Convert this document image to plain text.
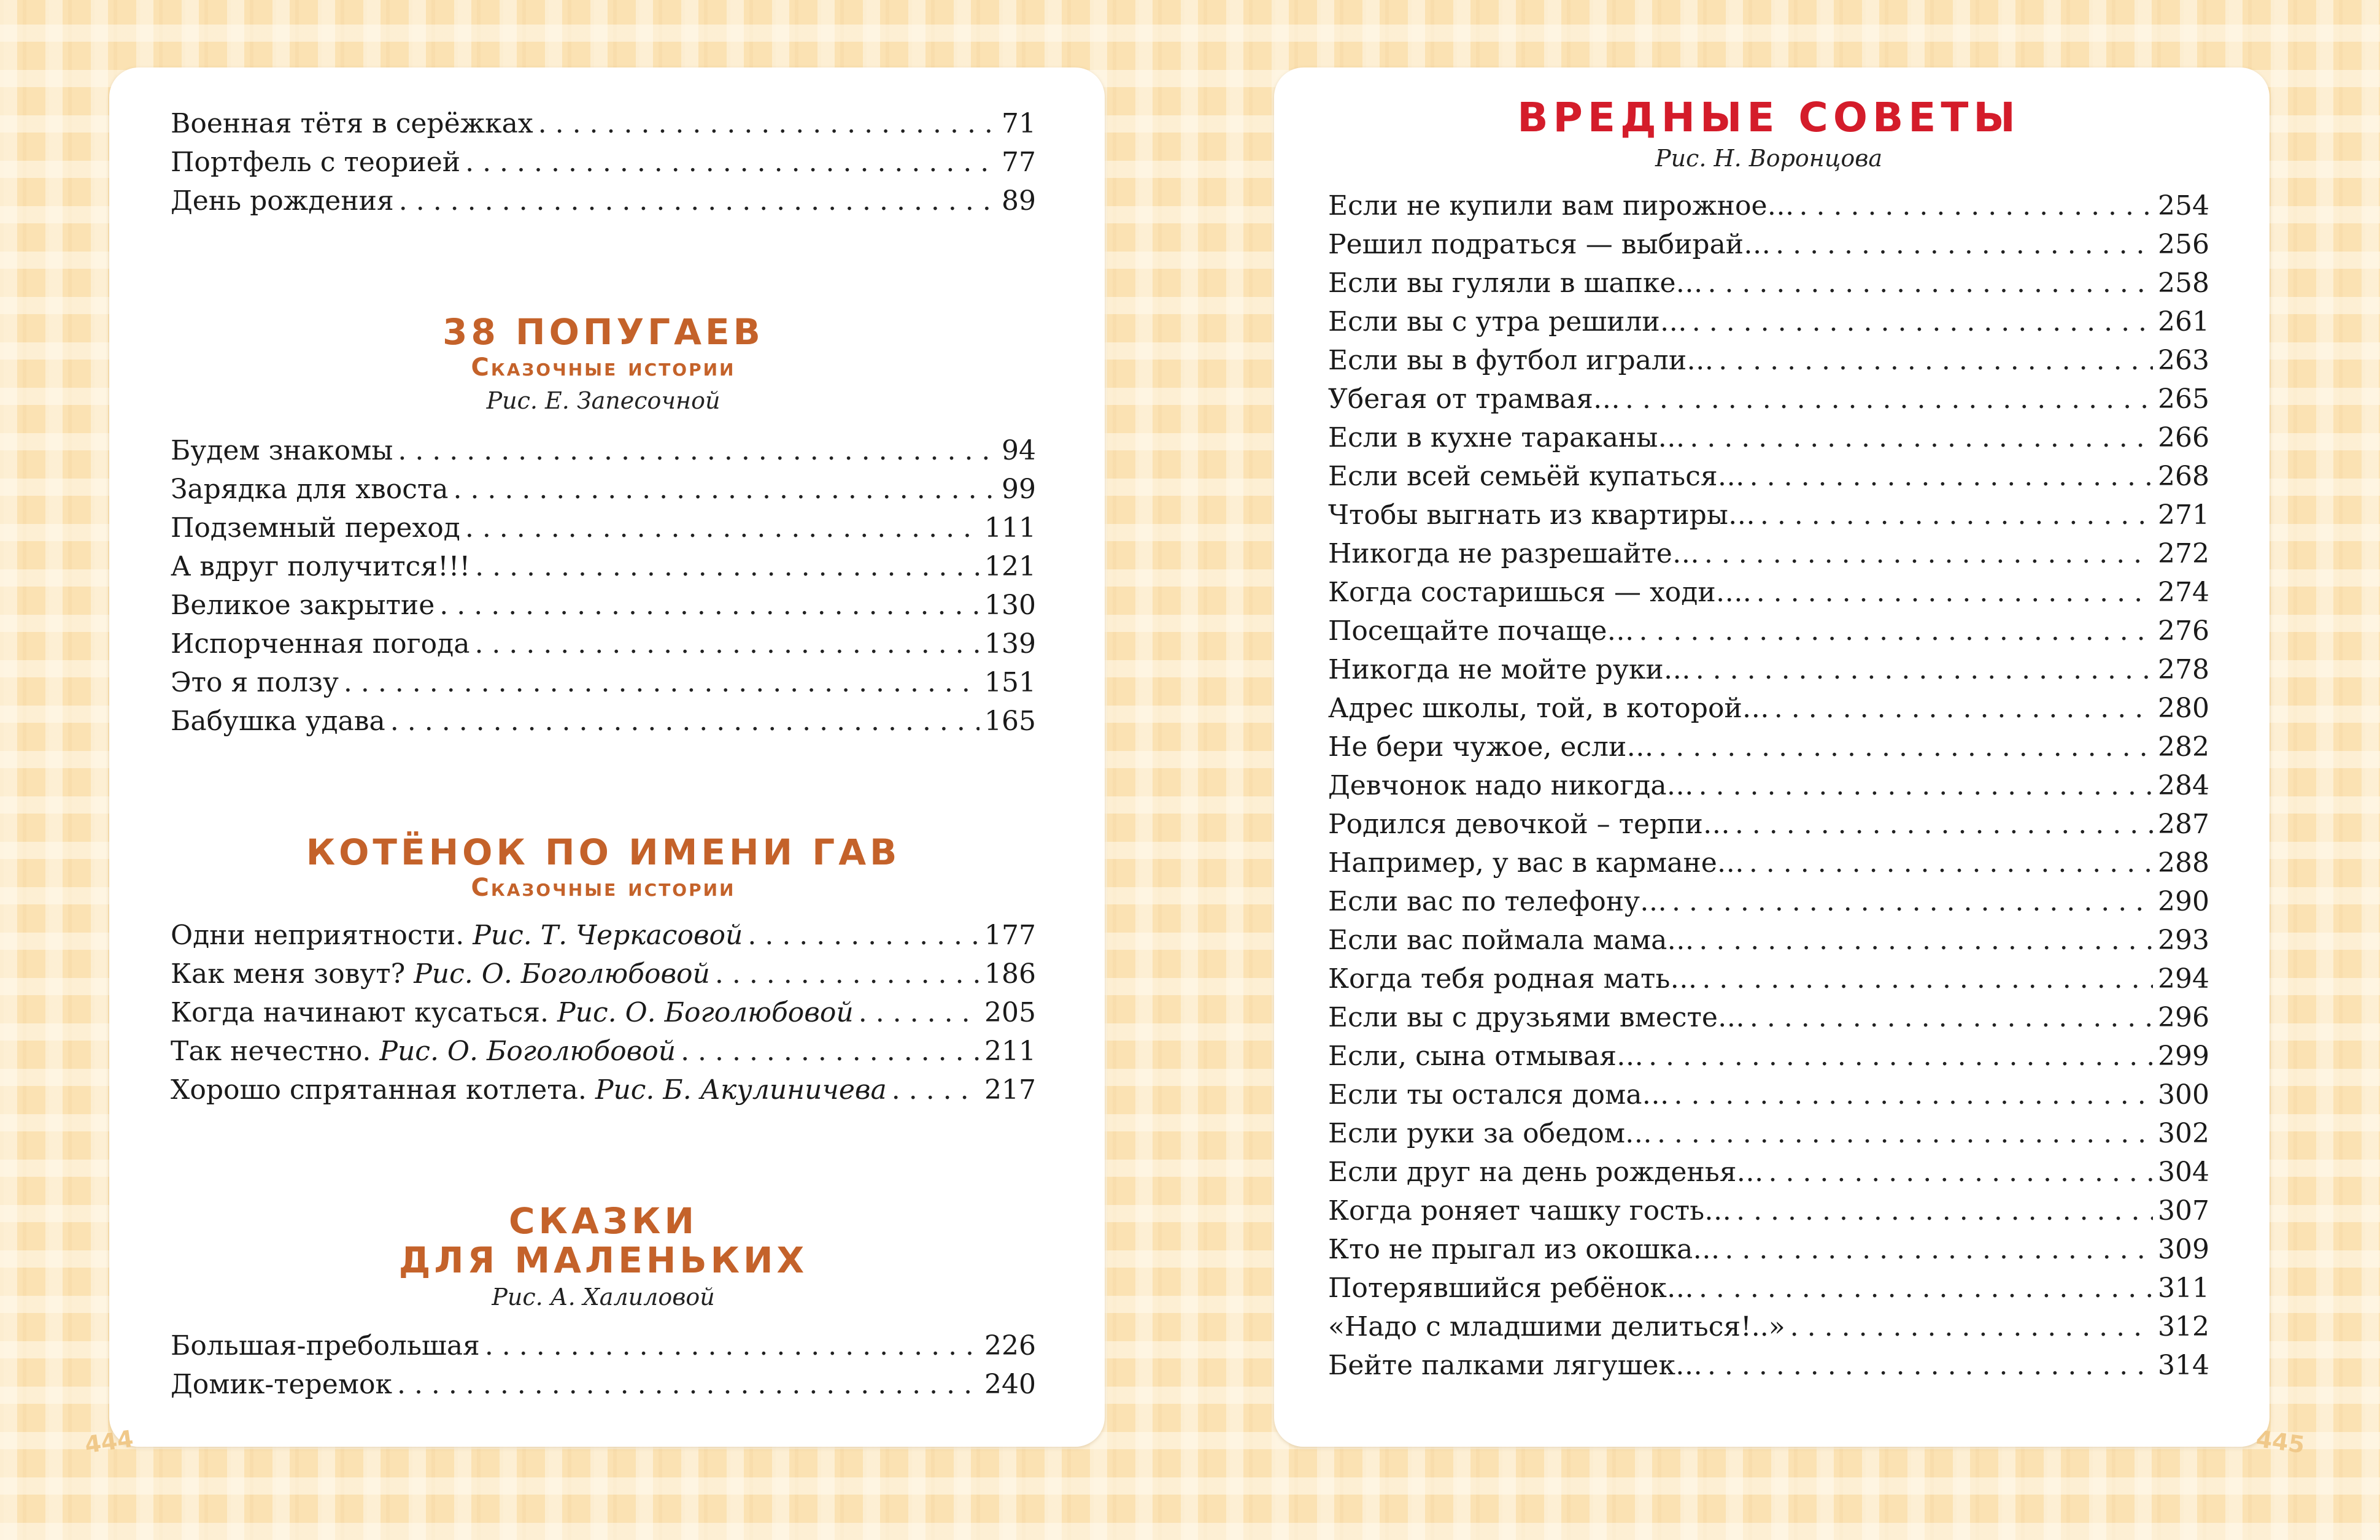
Военная тётя в серёжках . . .	71
Портфель с теорией . . .	77
День рождения . . .	89
38 ПОПУГАЕВ
Сказочные истории
Рис. Е. Запесочной
Будем знакомы . . .	94
Зарядка для хвоста . . .	99
Подземный переход . . .	111
А вдруг получится!!! . . .	121
Великое закрытие . . .	130
Испорченная погода . . .	139
Это я ползу . . .	151
Бабушка удава . . .	165
КОТЁНОК ПО ИМЕНИ ГАВ
Сказочные истории
Одни неприятности. Рис. Т. Черкасовой . . .	177
Как меня зовут? Рис. О. Боголюбовой . . .	186
Когда начинают кусаться. Рис. О. Боголюбовой . . .	205
Так нечестно. Рис. О. Боголюбовой . . .	211
Хорошо спрятанная котлета. Рис. Б. Акулиничева . . .	217
СКАЗКИ
ДЛЯ МАЛЕНЬКИХ
Рис. А. Халиловой
Большая-пребольшая . . .	226
Домик-теремок . . .	240
444
ВРЕДНЫЕ СОВЕТЫ
Рис. Н. Воронцова
Если не купили вам пирожное… . . .	254
Решил подраться — выбирай… . . .	256
Если вы гуляли в шапке… . . .	258
Если вы с утра решили… . . .	261
Если вы в футбол играли… . . .	263
Убегая от трамвая… . . .	265
Если в кухне тараканы… . . .	266
Если всей семьёй купаться… . . .	268
Чтобы выгнать из квартиры… . . .	271
Никогда не разрешайте… . . .	272
Когда состаришься — ходи…. . . .	274
Посещайте почаще… . . .	276
Никогда не мойте руки… . . .	278
Адрес школы, той, в которой… . . .	280
Не бери чужое, если… . . .	282
Девчонок надо никогда… . . .	284
Родился девочкой – терпи… . . .	287
Например, у вас в кармане… . . .	288
Если вас по телефону… . . .	290
Если вас поймала мама… . . .	293
Когда тебя родная мать… . . .	294
Если вы с друзьями вместе… . . .	296
Если, сына отмывая… . . .	299
Если ты остался дома… . . .	300
Если руки за обедом… . . .	302
Если друг на день рожденья… . . .	304
Когда роняет чашку гость… . . .	307
Кто не прыгал из окошка… . . .	309
Потерявшийся ребёнок… . . .	311
«Надо с младшими делиться!..» . . .	312
Бейте палками лягушек… . . .	314
445
